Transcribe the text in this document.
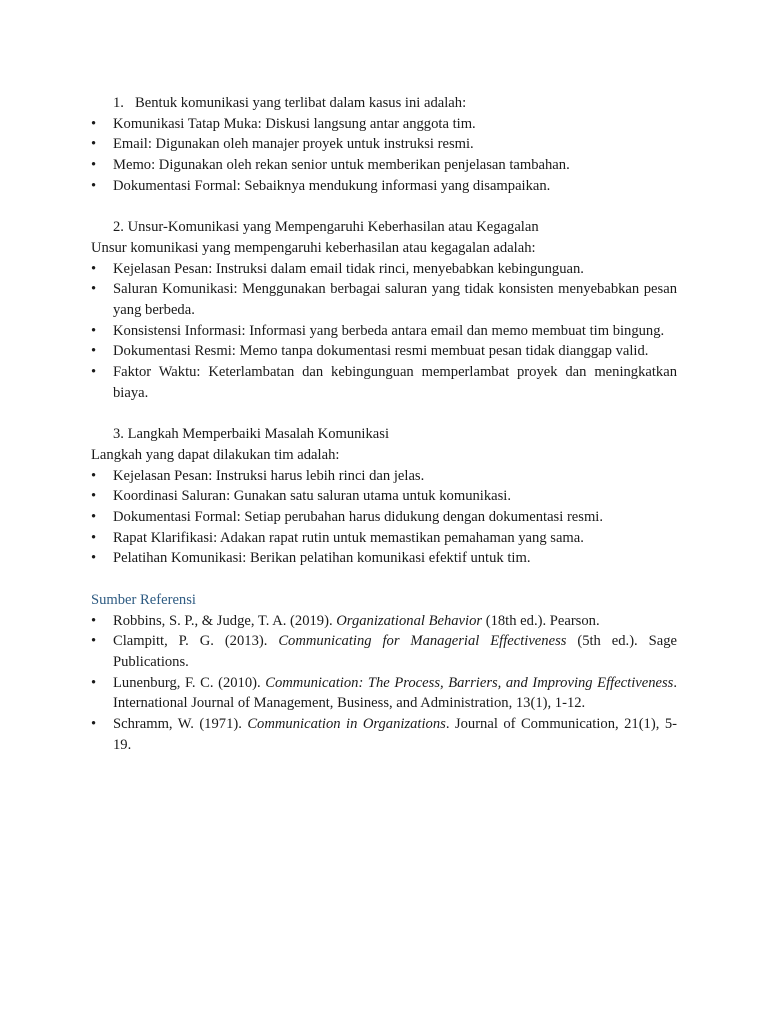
1. Bentuk komunikasi yang terlibat dalam kasus ini adalah:
•	Komunikasi Tatap Muka: Diskusi langsung antar anggota tim.
•	Email: Digunakan oleh manajer proyek untuk instruksi resmi.
•	Memo: Digunakan oleh rekan senior untuk memberikan penjelasan tambahan.
•	Dokumentasi Formal: Sebaiknya mendukung informasi yang disampaikan.
2. Unsur-Komunikasi yang Mempengaruhi Keberhasilan atau Kegagalan
Unsur komunikasi yang mempengaruhi keberhasilan atau kegagalan adalah:
•	Kejelasan Pesan: Instruksi dalam email tidak rinci, menyebabkan kebingunguan.
•	Saluran Komunikasi: Menggunakan berbagai saluran yang tidak konsisten menyebabkan pesan yang berbeda.
•	Konsistensi Informasi: Informasi yang berbeda antara email dan memo membuat tim bingung.
•	Dokumentasi Resmi: Memo tanpa dokumentasi resmi membuat pesan tidak dianggap valid.
•	Faktor Waktu: Keterlambatan dan kebingunguan memperlambat proyek dan meningkatkan biaya.
3. Langkah Memperbaiki Masalah Komunikasi
Langkah yang dapat dilakukan tim adalah:
•	Kejelasan Pesan: Instruksi harus lebih rinci dan jelas.
•	Koordinasi Saluran: Gunakan satu saluran utama untuk komunikasi.
•	Dokumentasi Formal: Setiap perubahan harus didukung dengan dokumentasi resmi.
•	Rapat Klarifikasi: Adakan rapat rutin untuk memastikan pemahaman yang sama.
•	Pelatihan Komunikasi: Berikan pelatihan komunikasi efektif untuk tim.
Sumber Referensi
•	Robbins, S. P., & Judge, T. A. (2019). Organizational Behavior (18th ed.). Pearson.
•	Clampitt, P. G. (2013). Communicating for Managerial Effectiveness (5th ed.). Sage Publications.
•	Lunenburg, F. C. (2010). Communication: The Process, Barriers, and Improving Effectiveness. International Journal of Management, Business, and Administration, 13(1), 1-12.
•	Schramm, W. (1971). Communication in Organizations. Journal of Communication, 21(1), 5-19.
